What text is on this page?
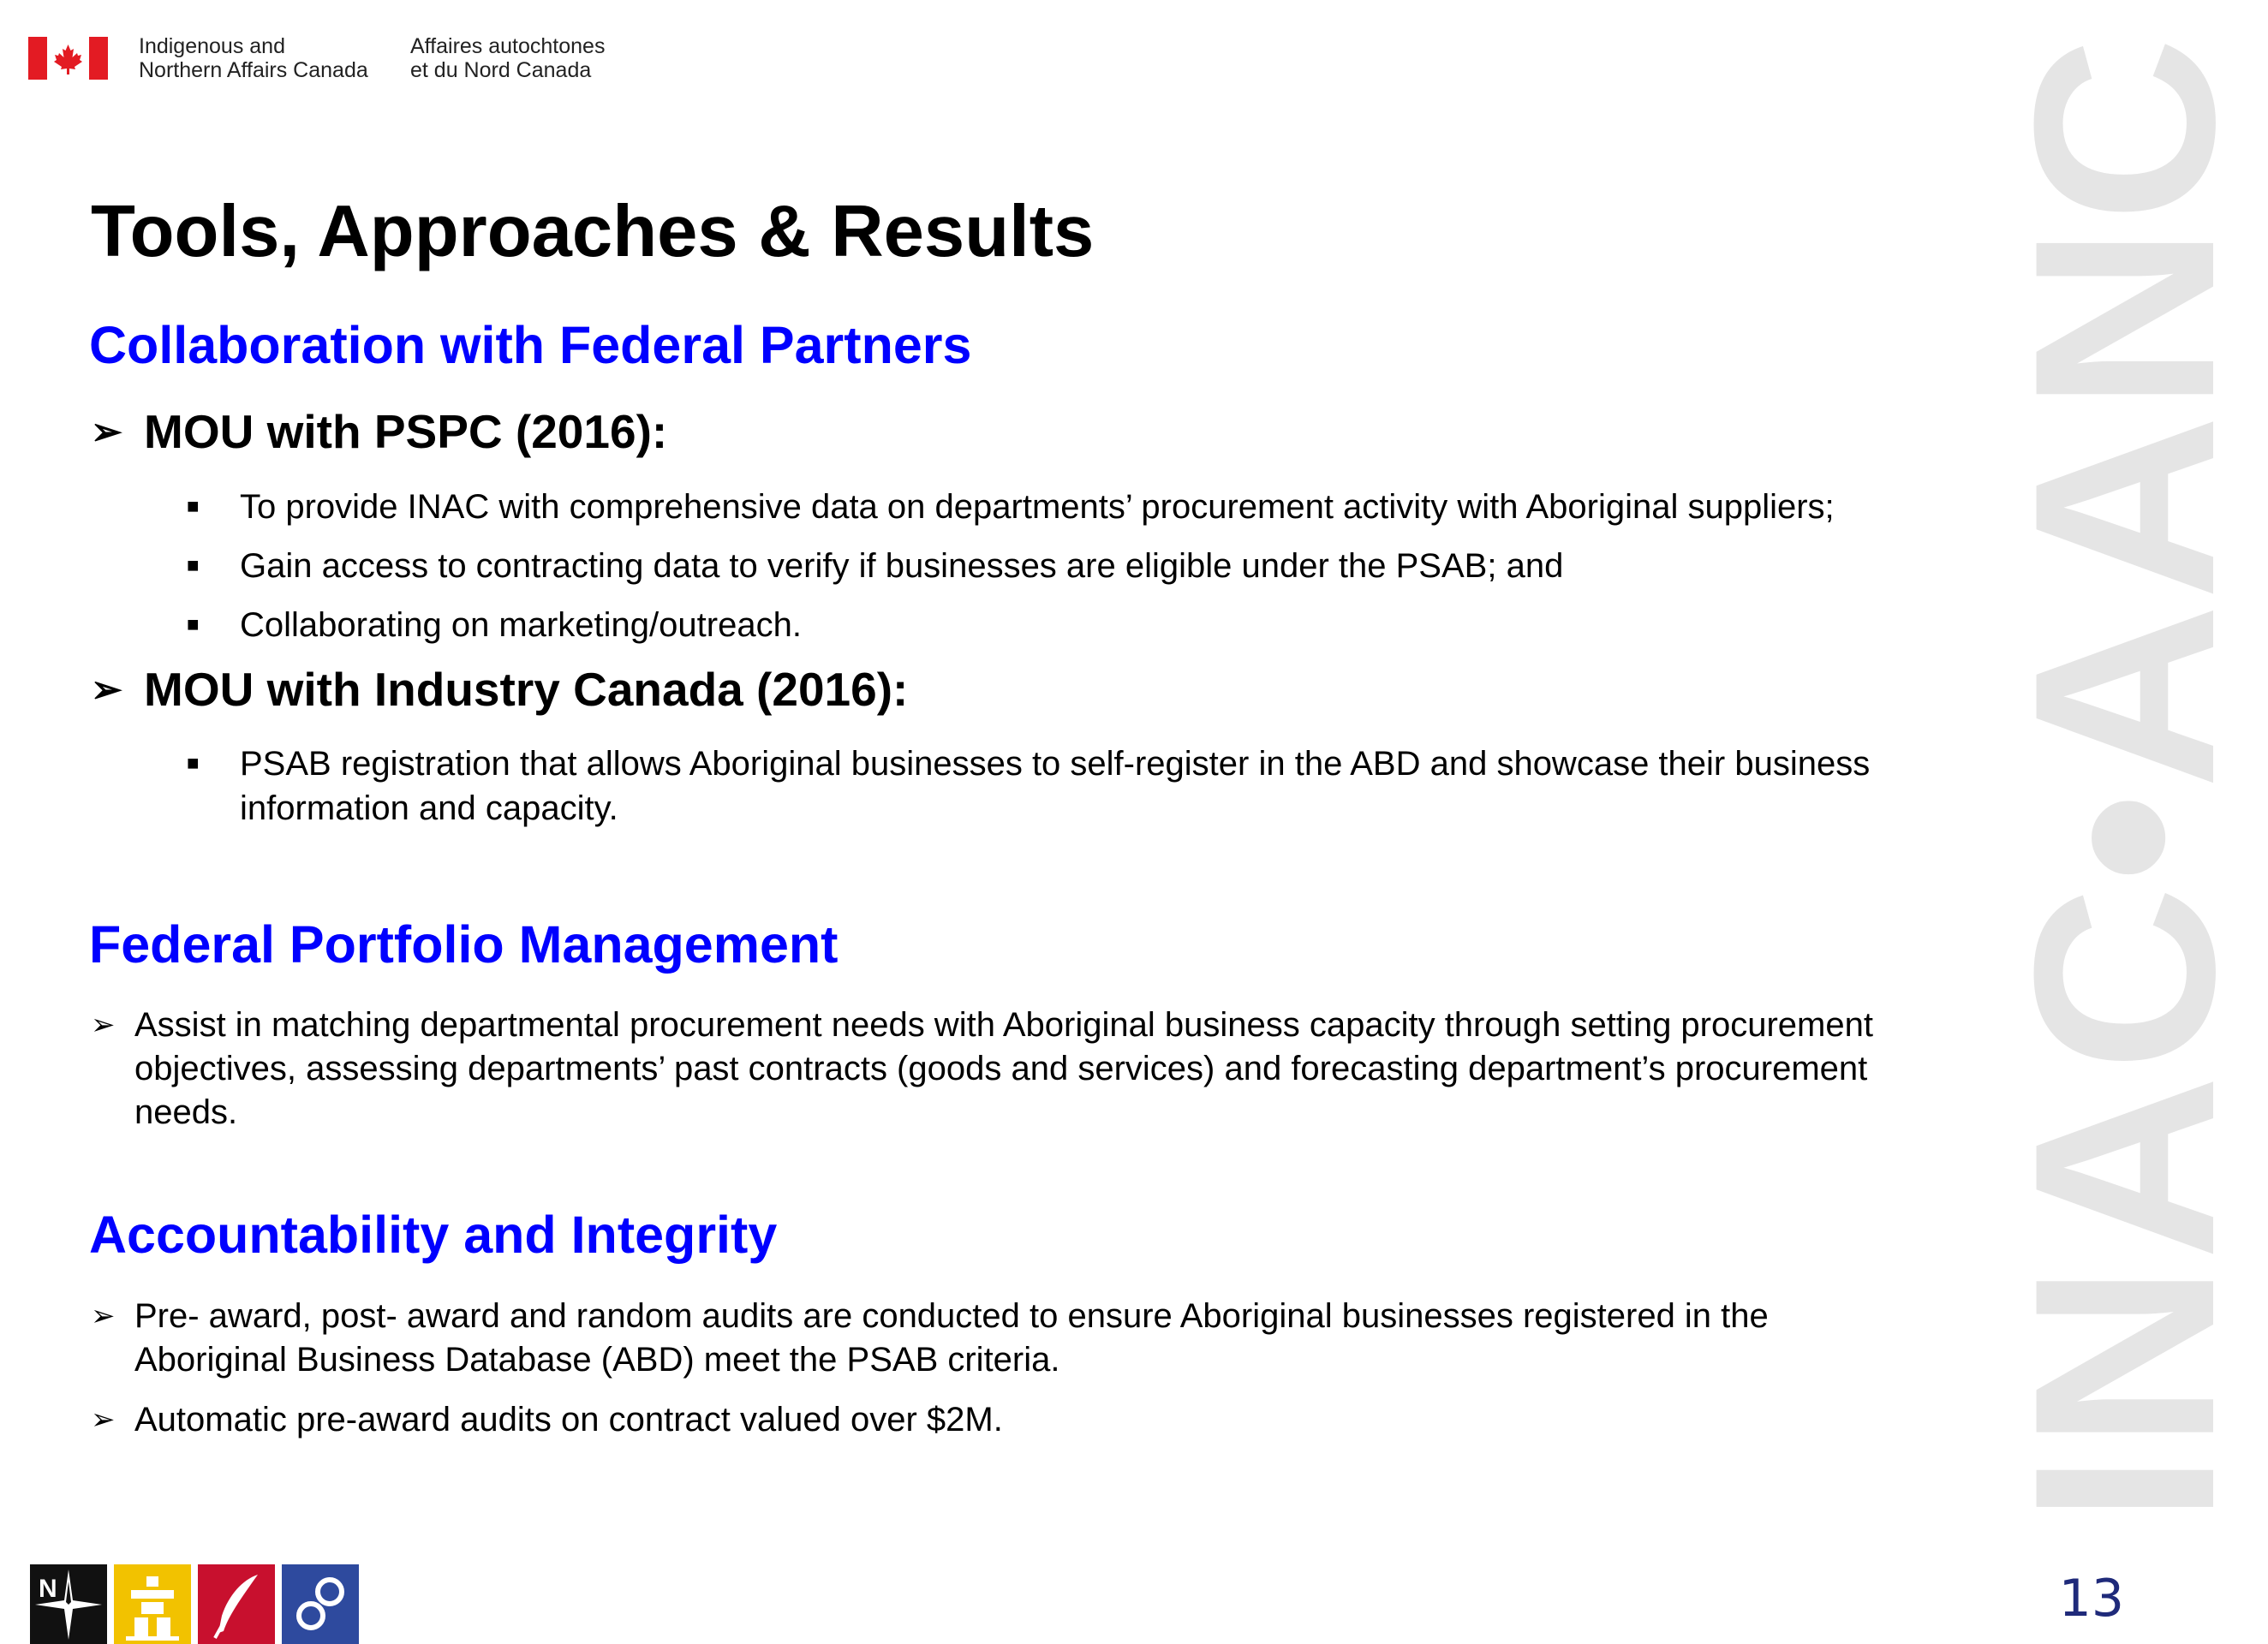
Indigenous and
Northern Affairs Canada
Affaires autochtones
et du Nord Canada	INAC•AANC
Tools, Approaches & Results
Collaboration with Federal Partners
➢ MOU with PSPC (2016):
■ To provide INAC with comprehensive data on departments’ procurement activity with Aboriginal suppliers;
■ Gain access to contracting data to verify if businesses are eligible under the PSAB; and
■ Collaborating on marketing/outreach.
➢ MOU with Industry Canada (2016):
■ PSAB registration that allows Aboriginal businesses to self-register in the ABD and showcase their business information and capacity.
Federal Portfolio Management
➢ Assist in matching departmental procurement needs with Aboriginal business capacity through setting procurement objectives, assessing departments’ past contracts (goods and services) and forecasting department’s procurement needs.
Accountability and Integrity
➢ Pre- award, post- award and random audits are conducted to ensure Aboriginal businesses registered in the Aboriginal Business Database (ABD) meet the PSAB criteria.
➢ Automatic pre-award audits on contract valued over $2M.
N	13
